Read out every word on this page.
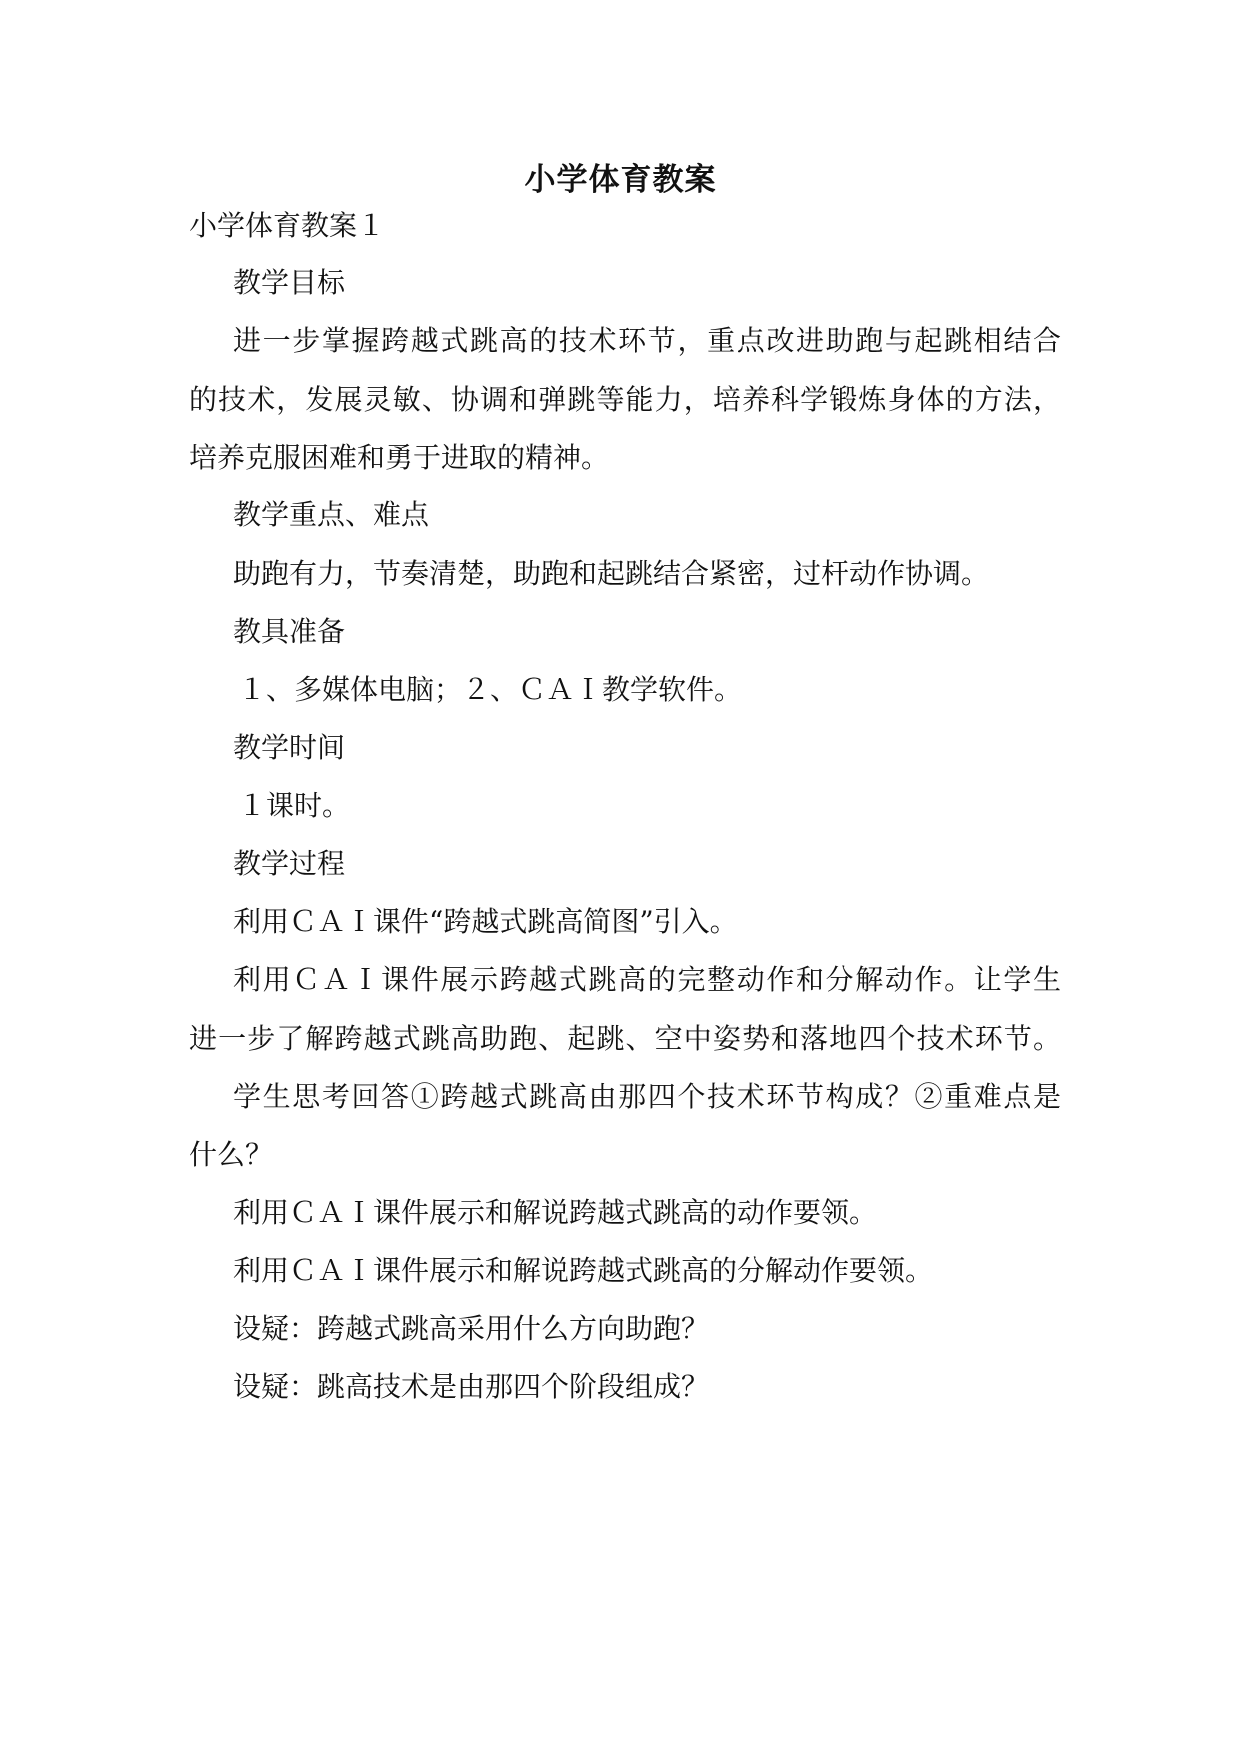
小学体育教案
小学体育教案１
教学目标
进一步掌握跨越式跳高的技术环节，重点改进助跑与起跳相结合
的技术，发展灵敏、协调和弹跳等能力，培养科学锻炼身体的方法，
培养克服困难和勇于进取的精神。
教学重点、难点
助跑有力，节奏清楚，助跑和起跳结合紧密，过杆动作协调。
教具准备
１、多媒体电脑；２、ＣＡＩ教学软件。
教学时间
１课时。
教学过程
利用ＣＡＩ课件“跨越式跳高简图”引入。
利用ＣＡＩ课件展示跨越式跳高的完整动作和分解动作。让学生
进一步了解跨越式跳高助跑、起跳、空中姿势和落地四个技术环节。
学生思考回答①跨越式跳高由那四个技术环节构成？②重难点是
什么？
利用ＣＡＩ课件展示和解说跨越式跳高的动作要领。
利用ＣＡＩ课件展示和解说跨越式跳高的分解动作要领。
设疑：跨越式跳高采用什么方向助跑？
设疑：跳高技术是由那四个阶段组成？
